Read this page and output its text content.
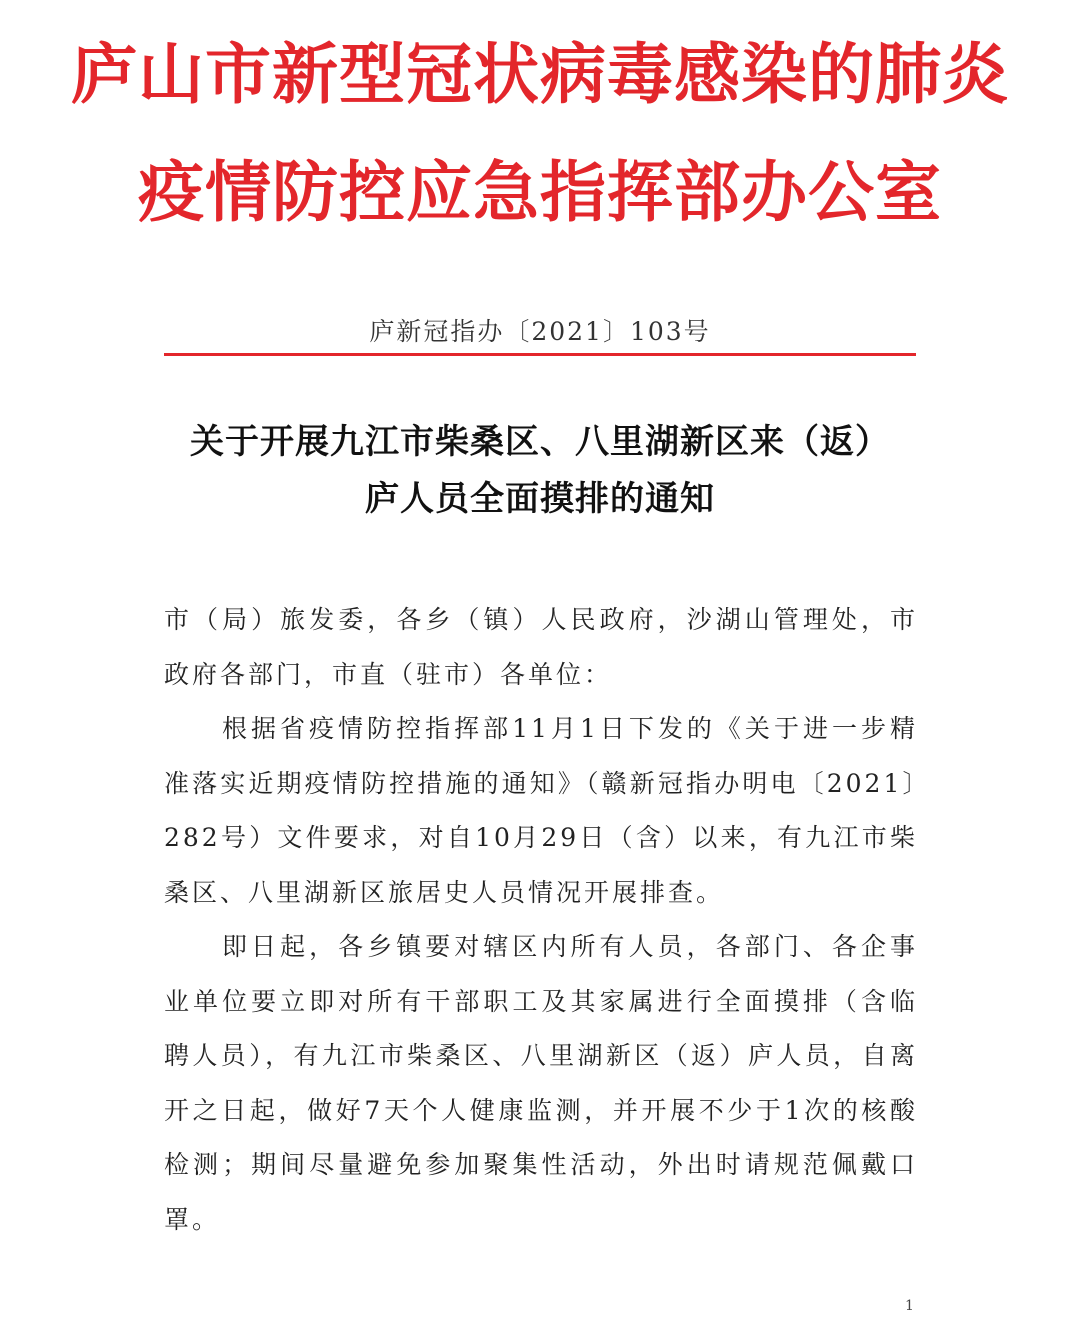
庐山市新型冠状病毒感染的肺炎
疫情防控应急指挥部办公室
庐新冠指办〔2021〕103号
关于开展九江市柴桑区、八里湖新区来（返）
庐人员全面摸排的通知

市（局）旅发委，各乡（镇）人民政府，沙湖山管理处，市政府各部门，市直（驻市）各单位：

根据省疫情防控指挥部11月1日下发的《关于进一步精准落实近期疫情防控措施的通知》（赣新冠指办明电〔2021〕282号）文件要求，对自10月29日（含）以来，有九江市柴桑区、八里湖新区旅居史人员情况开展排查。

即日起，各乡镇要对辖区内所有人员，各部门、各企事业单位要立即对所有干部职工及其家属进行全面摸排（含临聘人员），有九江市柴桑区、八里湖新区（返）庐人员，自离开之日起，做好7天个人健康监测，并开展不少于1次的核酸检测；期间尽量避免参加聚集性活动，外出时请规范佩戴口罩。

1
